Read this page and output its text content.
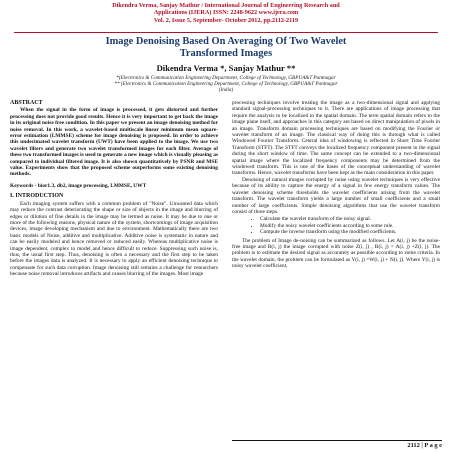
Dikendra Verma, Sanjay Mathur / International Journal of Engineering Research and
Applications (IJERA) ISSN: 2248-9622 www.ijera.com
Vol. 2, Issue 5, September- October 2012, pp.2112-2119
Image Denoising Based On Averaging Of Two Wavelet
Transformed Images
Dikendra Verma *, Sanjay Mathur **
*(Electronics & Communication Engineering Department, College of Technology, GBPUA&T Pantnagar
** (Electronics & Communication Engineering Department, College of Technology, GBPUA&T Pantnagar
(India)
ABSTRACT

When the signal in the form of image is processed, it gets distorted and further processing does not provide good results. Hence it is very important to get back the image in its original noise free condition. In this paper we present an image denoising method for noise removal. In this work, a wavelet-based multiscale linear minimum mean square-error estimation (LMMSE) scheme for image denoising is proposed. In order to achieve this undecimated wavelet transform (UWT) have been applied to the image. We use two wavelet filters and generate two wavelet transformed images for each filter. Average of these two transformed images is used to generate a new image which is visually pleasing as compared to individual filtered image. It is also shown quantitatively by PSNR and MSE value. Experiments show that the proposed scheme outperforms some existing denoising methods.

Keywords - bior1.3, db2, image processing, LMMSE, UWT
I. INTRODUCTION

Each imaging system suffers with a common problem of "Noise". Unwanted data which may reduce the contrast deteriorating the shape or size of objects in the image and blurring of edges or dilution of fine details in the image may be termed as noise. It may be due to one or more of the following reasons, physical nature of the system, shortcomings of image acquisition devices, image developing mechanism and due to environment. Mathematically there are two basic models of Noise, additive and multiplicative. Additive noise is systematic in nature and can be easily modeled and hence removed or reduced easily. Whereas multiplicative noise is image dependent, complex to model and hence difficult to reduce. Suppressing such noise is, thus, the usual first step. Thus, denoising is often a necessary and the first step to be taken before the images data is analyzed. It is necessary to apply an efficient denoising technique to compensate for such data corruption. Image denoising still remains a challenge for researchers because noise removal introduces artifacts and causes blurring of the images. Most image

processing techniques involve treating the image as a two-dimensional signal and applying standard signal-processing techniques to it. There are applications of image processing that require the analysis to be localized in the spatial domain. The term spatial domain refers to the image plane itself, and approaches in this category are based on direct manipulation of pixels in an image. Transform domain processing techniques are based on modifying the Fourier or wavelet transform of an image. The classical way of doing this is through what is called Windowed Fourier Transform. Central idea of windowing is reflected in Short Time Fourier Transform (STFT). The STFT conveys the localized frequency component present in the signal during the short window of time. The same concept can be extended to a two-dimensional spatial image where the localized frequency components may be determined from the windowed transform. This is one of the bases of the conceptual understanding of wavelet transforms. Hence, wavelet transforms have been kept as the main consideration in this paper.

Denoising of natural images corrupted by noise using wavelet techniques is very effective because of its ability to capture the energy of a signal in few energy transform values. The wavelet denoising scheme thresholds the wavelet coefficients arising from the wavelet transform. The wavelet transform yields a large number of small coefficients and a small number of large coefficients. Simple denoising algorithms that use the wavelet transform consist of three steps.

• Calculate the wavelet transform of the noisy signal.
• Modify the noisy wavelet coefficients according to some rule.
• Compute the inverse transform using the modified coefficients.

The problem of Image de-noising can be summarized as follows. Let A(i, j) be the noise-free image and B(i, j) the image corrupted with noise Z(i, j) , B(i, j) = A(i, j) +Z(i, j). The problem is to estimate the desired signal as accurately as possible according to some criteria. In the wavelet domain, the problem can be formulated as Y(i, j) =W(i, j) + N(i, j). Where Y(i, j) is noisy wavelet coefficient,

2112 | P a g e
